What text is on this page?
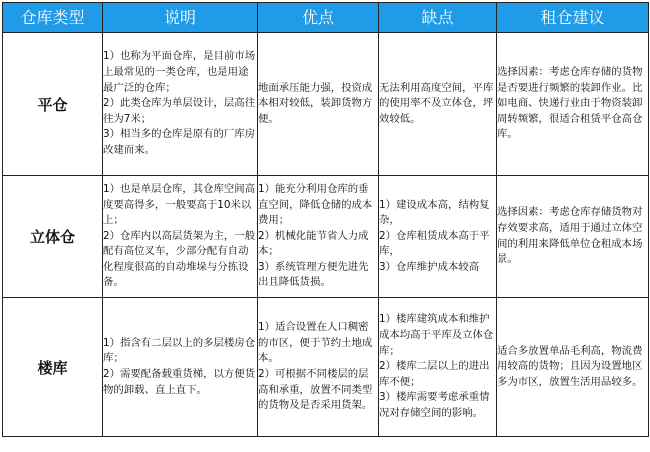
仓库类型	说明	优点	缺点	租仓建议
平仓	1）也称为平面仓库，是目前市场上最常见的一类仓库，也是用途最广泛的仓库；
2）此类仓库为单层设计，层高往往为7米；
3）相当多的仓库是原有的厂库房改建而来。	地面承压能力强，投资成本相对较低，装卸货物方便。	无法利用高度空间，平库的使用率不及立体仓，坪效较低。	选择因素：考虑仓库存储的货物是否要进行频繁的装卸作业。比如电商、快递行业由于物资装卸周转频繁，很适合租赁平仓高仓库。

立体仓	1）也是单层仓库，其仓库空间高度要高得多，一般要高于10米以上；
2）仓库内以高层货架为主，一般配有高位叉车，少部分配有自动化程度很高的自动堆垛与分拣设备。	1）能充分利用仓库的垂直空间，降低仓储的成本费用；
2）机械化能节省人力成本；
3）系统管理方便先进先出且降低货损。	1）建设成本高，结构复杂，
2）仓库租赁成本高于平库，
3）仓库维护成本较高	选择因素：考虑仓库存储货物对存效要求高，适用于通过立体空间的利用来降低单位仓租成本场景。

楼库	1）指含有二层以上的多层楼房仓库；
2）需要配备载重货梯，以方便货物的卸载、直上直下。	1）适合设置在人口稠密的市区，便于节约土地成本。
2）可根据不同楼层的层高和承重，放置不同类型的货物及是否采用货架。	1）楼库建筑成本和维护成本均高于平库及立体仓库；
2）楼库二层以上的进出库不便；
3）楼库需要考虑承重情况对存储空间的影响。	适合多放置单品毛利高，物流费用较高的货物；且因为设置地区多为市区，放置生活用品较多。
